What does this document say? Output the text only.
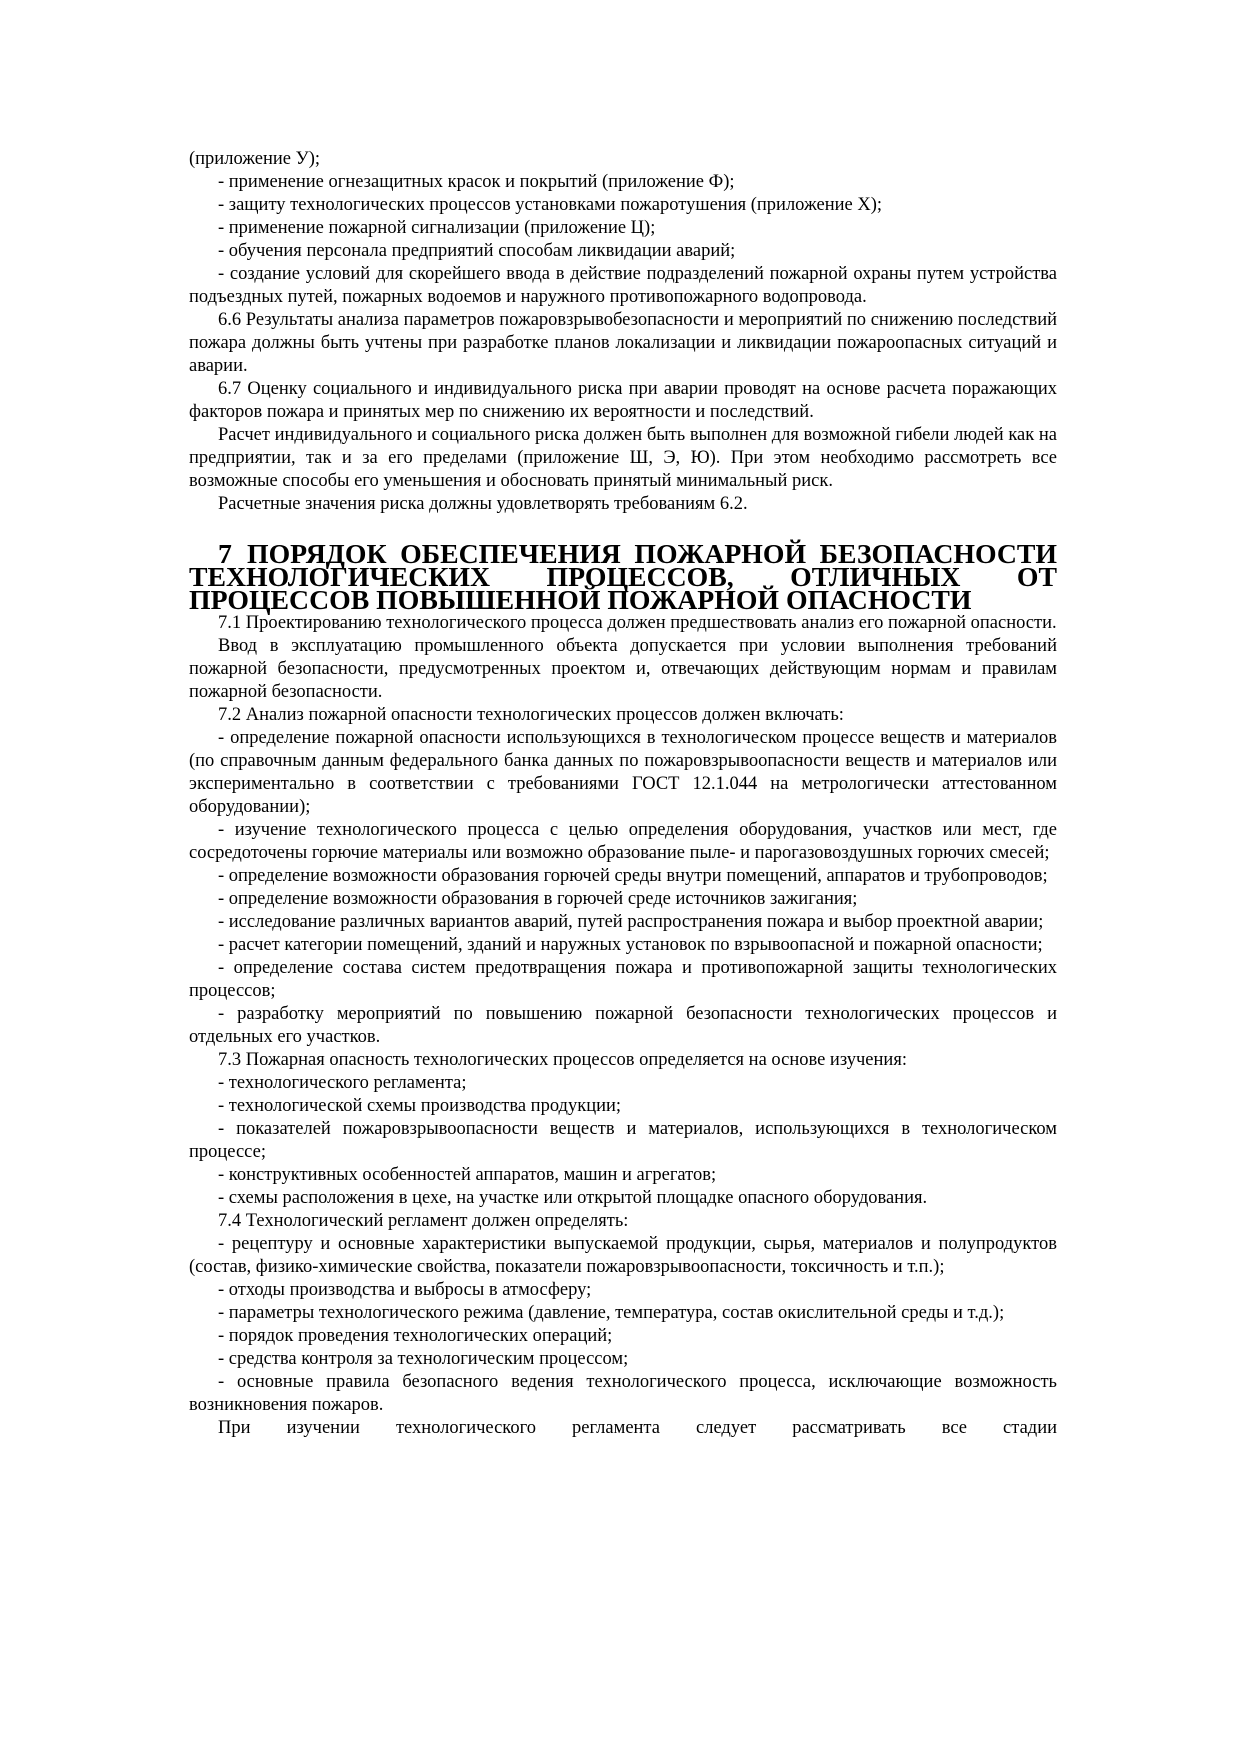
(приложение У);

- применение огнезащитных красок и покрытий (приложение Ф);

- защиту технологических процессов установками пожаротушения (приложение Х);

- применение пожарной сигнализации (приложение Ц);

- обучения персонала предприятий способам ликвидации аварий;

- создание условий для скорейшего ввода в действие подразделений пожарной охраны путем устройства подъездных путей, пожарных водоемов и наружного противопожарного водопровода.

6.6 Результаты анализа параметров пожаровзрывобезопасности и мероприятий по снижению последствий пожара должны быть учтены при разработке планов локализации и ликвидации пожароопасных ситуаций и аварии.

6.7 Оценку социального и индивидуального риска при аварии проводят на основе расчета поражающих факторов пожара и принятых мер по снижению их вероятности и последствий.

Расчет индивидуального и социального риска должен быть выполнен для возможной гибели людей как на предприятии, так и за его пределами (приложение Ш, Э, Ю). При этом необходимо рассмотреть все возможные способы его уменьшения и обосновать принятый минимальный риск.

Расчетные значения риска должны удовлетворять требованиям 6.2.

7 ПОРЯДОК ОБЕСПЕЧЕНИЯ ПОЖАРНОЙ БЕЗОПАСНОСТИ ТЕХНОЛОГИЧЕСКИХ ПРОЦЕССОВ, ОТЛИЧНЫХ ОТ ПРОЦЕССОВ ПОВЫШЕННОЙ ПОЖАРНОЙ ОПАСНОСТИ

7.1 Проектированию технологического процесса должен предшествовать анализ его пожарной опасности.

Ввод в эксплуатацию промышленного объекта допускается при условии выполнения требований пожарной безопасности, предусмотренных проектом и, отвечающих действующим нормам и правилам пожарной безопасности.

7.2 Анализ пожарной опасности технологических процессов должен включать:

- определение пожарной опасности использующихся в технологическом процессе веществ и материалов (по справочным данным федерального банка данных по пожаровзрывоопасности веществ и материалов или экспериментально в соответствии с требованиями ГОСТ 12.1.044 на метрологически аттестованном оборудовании);

- изучение технологического процесса с целью определения оборудования, участков или мест, где сосредоточены горючие материалы или возможно образование пыле- и парогазовоздушных горючих смесей;

- определение возможности образования горючей среды внутри помещений, аппаратов и трубопроводов;

- определение возможности образования в горючей среде источников зажигания;

- исследование различных вариантов аварий, путей распространения пожара и выбор проектной аварии;

- расчет категории помещений, зданий и наружных установок по взрывоопасной и пожарной опасности;

- определение состава систем предотвращения пожара и противопожарной защиты технологических процессов;

- разработку мероприятий по повышению пожарной безопасности технологических процессов и отдельных его участков.

7.3 Пожарная опасность технологических процессов определяется на основе изучения:

- технологического регламента;

- технологической схемы производства продукции;

- показателей пожаровзрывоопасности веществ и материалов, использующихся в технологическом процессе;

- конструктивных особенностей аппаратов, машин и агрегатов;

- схемы расположения в цехе, на участке или открытой площадке опасного оборудования.

7.4 Технологический регламент должен определять:

- рецептуру и основные характеристики выпускаемой продукции, сырья, материалов и полупродуктов (состав, физико-химические свойства, показатели пожаровзрывоопасности, токсичность и т.п.);

- отходы производства и выбросы в атмосферу;

- параметры технологического режима (давление, температура, состав окислительной среды и т.д.);

- порядок проведения технологических операций;

- средства контроля за технологическим процессом;

- основные правила безопасного ведения технологического процесса, исключающие возможность возникновения пожаров.

При изучении технологического регламента следует рассматривать все стадии
